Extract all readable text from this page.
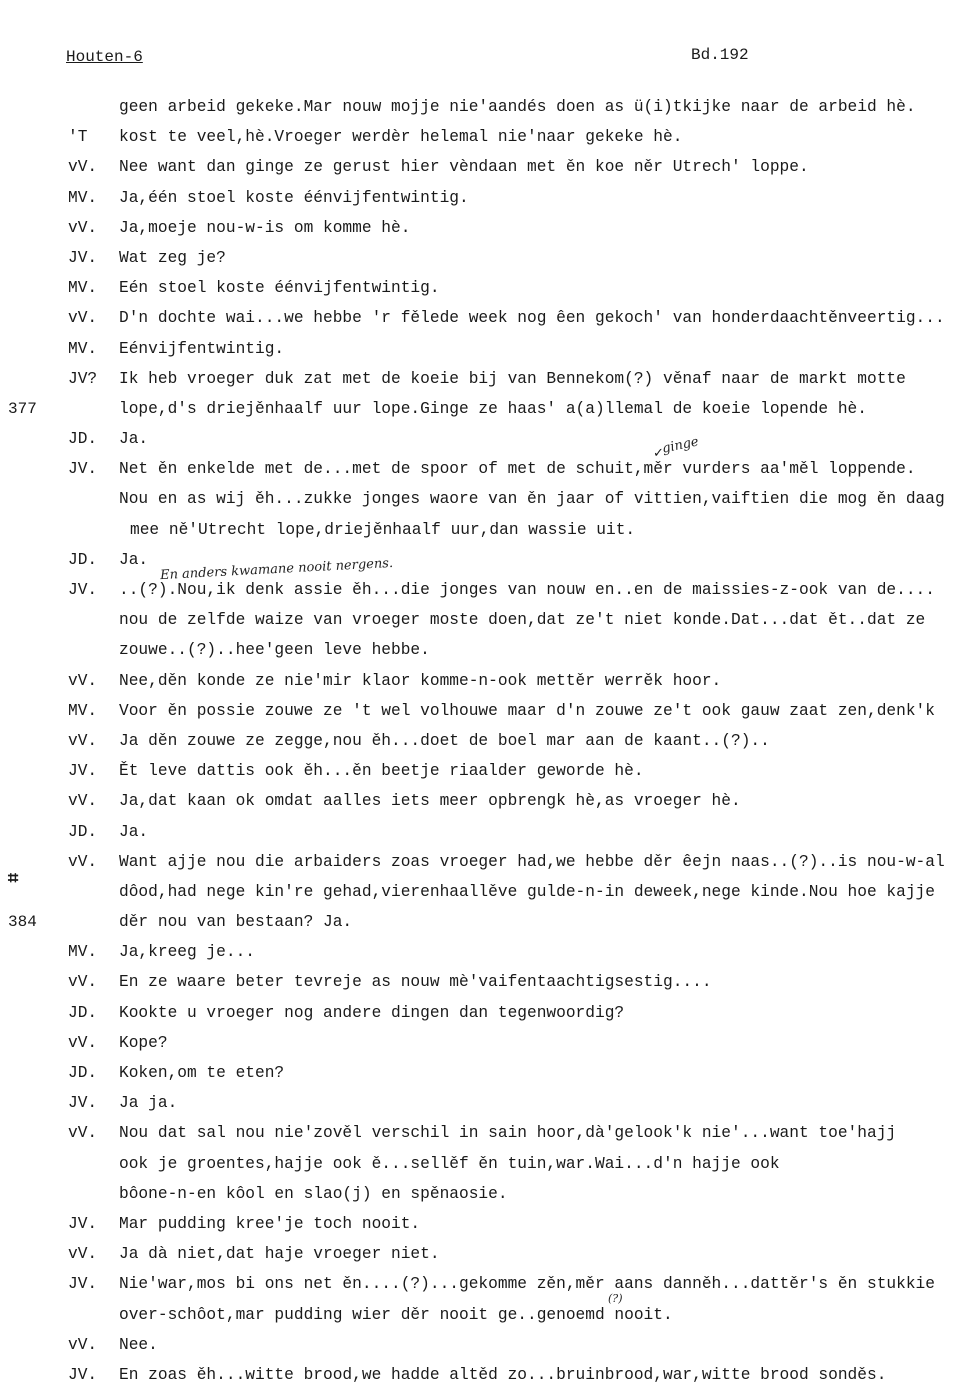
Houten-6	Bd.192
geen arbeid gekeke.Mar nouw mojje nie'aandés doen as ü(i)tkijke naar de arbeid hè.
'T kost te veel,hè.Vroeger werdèr helemal nie'naar gekeke hè.
vV. Nee want dan ginge ze gerust hier vèndaan met ěn koe něr Utrech' loppe.
MV. Ja,één stoel koste éénvijfentwintig.
vV. Ja,moeje nou-w-is om komme hè.
JV. Wat zeg je?
MV. Eén stoel koste éénvijfentwintig.
vV. D'n dochte wai...we hebbe 'r fělede week nog êen gekoch' van honderdaachtěnveertig...
MV. Eénvijfentwintig.
JV? Ik heb vroeger duk zat met de koeie bij van Bennekom(?) věnaf naar de markt motte
377	lope,d's driejěnhaalf uur lope.Ginge ze haas' a(a)llemal de koeie lopende hè.
JD. Ja.
JV. Net ěn enkelde met de...met de spoor of met de schuit,měr vurders aa'měl loppende.
Nou en as wij ěh...zukke jonges waore van ěn jaar of vittien,vaiftien die mog ěn daag
mee ně'Utrecht lope,driejěnhaalf uur,dan wassie uit.
JD. Ja.
JV. ..(?).Nou,ik denk assie ěh...die jonges van nouw en..en de maissies-z-ook van de....
nou de zelfde waize van vroeger moste doen,dat ze't niet konde.Dat...dat ět..dat ze
zouwe..(?)..hee'geen leve hebbe.
vV. Nee,děn konde ze nie'mir klaor komme-n-ook mettěr werrěk hoor.
MV. Voor ěn possie zouwe ze 't wel volhouwe maar d'n zouwe ze't ook gauw zaat zen,denk'k
vV. Ja děn zouwe ze zegge,nou ěh...doet de boel mar aan de kaant..(?)..
JV. Ět leve dattis ook ěh...ěn beetje riaalder geworde hè.
vV. Ja,dat kaan ok omdat aalles iets meer opbrengk hè,as vroeger hè.
JD. Ja.
vV. Want ajje nou die arbaiders zoas vroeger had,we hebbe děr êejn naas..(?)..is nou-w-al
dôod,had nege kin're gehad,vierenhaallěve gulde-n-in deweek,nege kinde.Nou hoe kajje
384	děr nou van bestaan? Ja.
MV. Ja,kreeg je...
vV. En ze waare beter tevreje as nouw mè'vaifentaachtigsestig....
JD. Kookte u vroeger nog andere dingen dan tegenwoordig?
vV. Kope?
JD. Koken,om te eten?
JV. Ja ja.
vV. Nou dat sal nou nie'zověl verschil in sain hoor,dà'gelook'k nie'...want toe'hajj
ook je groentes,hajje ook ě...sellěf ěn tuin,war.Wai...d'n hajje ook
bôone-n-en kôol en slao(j) en spěnaosie.
JV. Mar pudding kree'je toch nooit.
vV. Ja dà niet,dat haje vroeger niet.
JV. Nie'war,mos bi ons net ěn....(?)...gekomme zěn,měr aans danněh...dattěr's ěn stukkie
over-schôot,mar pudding wier děr nooit ge..genoemd nooit.
vV. Nee.
JV. En zoas ěh...witte brood,we hadde altěd zo...bruinbrood,war,witte brood sonděs.
ginge
En anders kwamane nooit nergens.
(?)
✓
⌗
